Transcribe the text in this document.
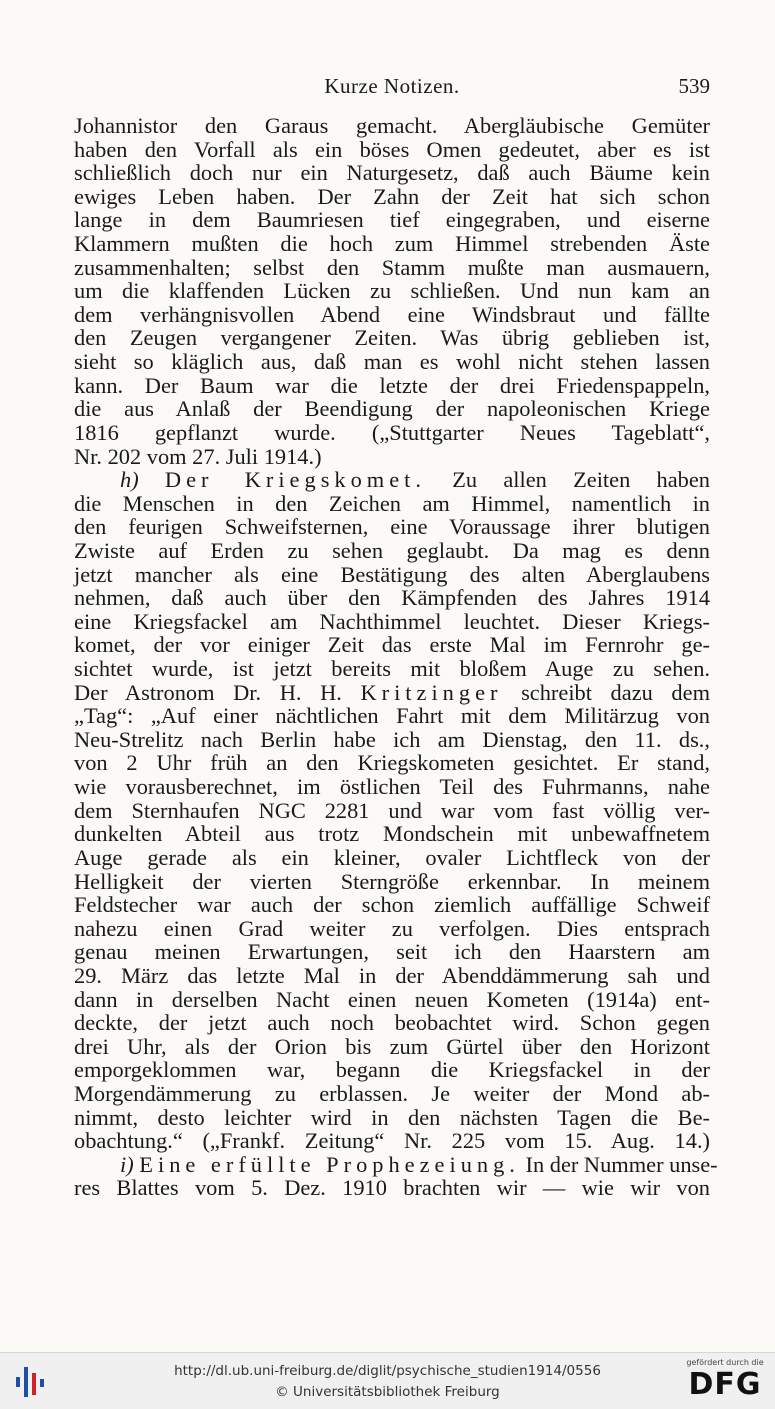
Kurze Notizen.	539
Johannistor den Garaus gemacht. Abergläubische Gemüter
haben den Vorfall als ein böses Omen gedeutet, aber es ist
schließlich doch nur ein Naturgesetz, daß auch Bäume kein
ewiges Leben haben. Der Zahn der Zeit hat sich schon
lange in dem Baumriesen tief eingegraben, und eiserne
Klammern mußten die hoch zum Himmel strebenden Äste
zusammenhalten; selbst den Stamm mußte man ausmauern,
um die klaffenden Lücken zu schließen. Und nun kam an
dem verhängnisvollen Abend eine Windsbraut und fällte
den Zeugen vergangener Zeiten. Was übrig geblieben ist,
sieht so kläglich aus, daß man es wohl nicht stehen lassen
kann. Der Baum war die letzte der drei Friedenspappeln,
die aus Anlaß der Beendigung der napoleonischen Kriege
1816 gepflanzt wurde. („Stuttgarter Neues Tageblatt“,
Nr. 202 vom 27. Juli 1914.)
h) Der Kriegskomet. Zu allen Zeiten haben
die Menschen in den Zeichen am Himmel, namentlich in
den feurigen Schweifsternen, eine Voraussage ihrer blutigen
Zwiste auf Erden zu sehen geglaubt. Da mag es denn
jetzt mancher als eine Bestätigung des alten Aberglaubens
nehmen, daß auch über den Kämpfenden des Jahres 1914
eine Kriegsfackel am Nachthimmel leuchtet. Dieser Kriegs-
komet, der vor einiger Zeit das erste Mal im Fernrohr ge-
sichtet wurde, ist jetzt bereits mit bloßem Auge zu sehen.
Der Astronom Dr. H. H. Kritzinger schreibt dazu dem
„Tag“: „Auf einer nächtlichen Fahrt mit dem Militärzug von
Neu-Strelitz nach Berlin habe ich am Dienstag, den 11. ds.,
von 2 Uhr früh an den Kriegskometen gesichtet. Er stand,
wie vorausberechnet, im östlichen Teil des Fuhrmanns, nahe
dem Sternhaufen NGC 2281 und war vom fast völlig ver-
dunkelten Abteil aus trotz Mondschein mit unbewaffnetem
Auge gerade als ein kleiner, ovaler Lichtfleck von der
Helligkeit der vierten Sterngröße erkennbar. In meinem
Feldstecher war auch der schon ziemlich auffällige Schweif
nahezu einen Grad weiter zu verfolgen. Dies entsprach
genau meinen Erwartungen, seit ich den Haarstern am
29. März das letzte Mal in der Abenddämmerung sah und
dann in derselben Nacht einen neuen Kometen (1914a) ent-
deckte, der jetzt auch noch beobachtet wird. Schon gegen
drei Uhr, als der Orion bis zum Gürtel über den Horizont
emporgeklommen war, begann die Kriegsfackel in der
Morgendämmerung zu erblassen. Je weiter der Mond ab-
nimmt, desto leichter wird in den nächsten Tagen die Be-
obachtung.“ („Frankf. Zeitung“ Nr. 225 vom 15. Aug. 14.)
i) Eine erfüllte Prophezeiung. In der Nummer unse-
res Blattes vom 5. Dez. 1910 brachten wir — wie wir von
http://dl.ub.uni-freiburg.de/diglit/psychische_studien1914/0556
© Universitätsbibliothek Freiburg
gefördert durch die
DFG
